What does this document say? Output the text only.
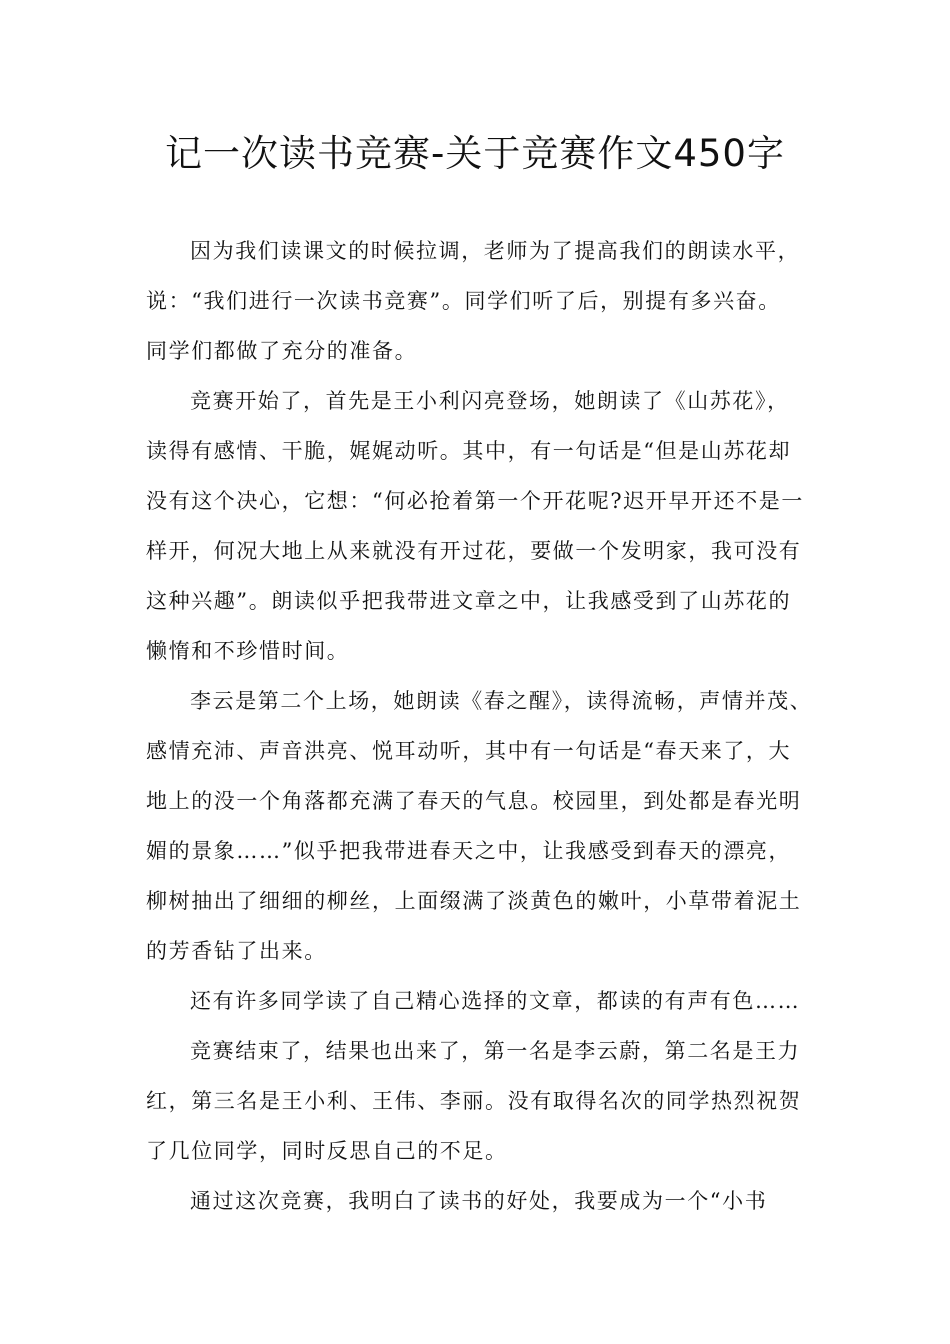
记一次读书竞赛-关于竞赛作文450字

因为我们读课文的时候拉调，老师为了提高我们的朗读水平，

说：“我们进行一次读书竞赛”。同学们听了后，别提有多兴奋。

同学们都做了充分的准备。

竞赛开始了，首先是王小利闪亮登场，她朗读了《山苏花》，

读得有感情、干脆，娓娓动听。其中，有一句话是“但是山苏花却

没有这个决心，它想：“何必抢着第一个开花呢?迟开早开还不是一

样开，何况大地上从来就没有开过花，要做一个发明家，我可没有

这种兴趣”。朗读似乎把我带进文章之中，让我感受到了山苏花的

懒惰和不珍惜时间。

李云是第二个上场，她朗读《春之醒》，读得流畅，声情并茂、

感情充沛、声音洪亮、悦耳动听，其中有一句话是“春天来了，大

地上的没一个角落都充满了春天的气息。校园里，到处都是春光明

媚的景象……”似乎把我带进春天之中，让我感受到春天的漂亮，

柳树抽出了细细的柳丝，上面缀满了淡黄色的嫩叶，小草带着泥土

的芳香钻了出来。

还有许多同学读了自己精心选择的文章，都读的有声有色……

竞赛结束了，结果也出来了，第一名是李云蔚，第二名是王力

红，第三名是王小利、王伟、李丽。没有取得名次的同学热烈祝贺

了几位同学，同时反思自己的不足。

通过这次竞赛，我明白了读书的好处，我要成为一个“小书
